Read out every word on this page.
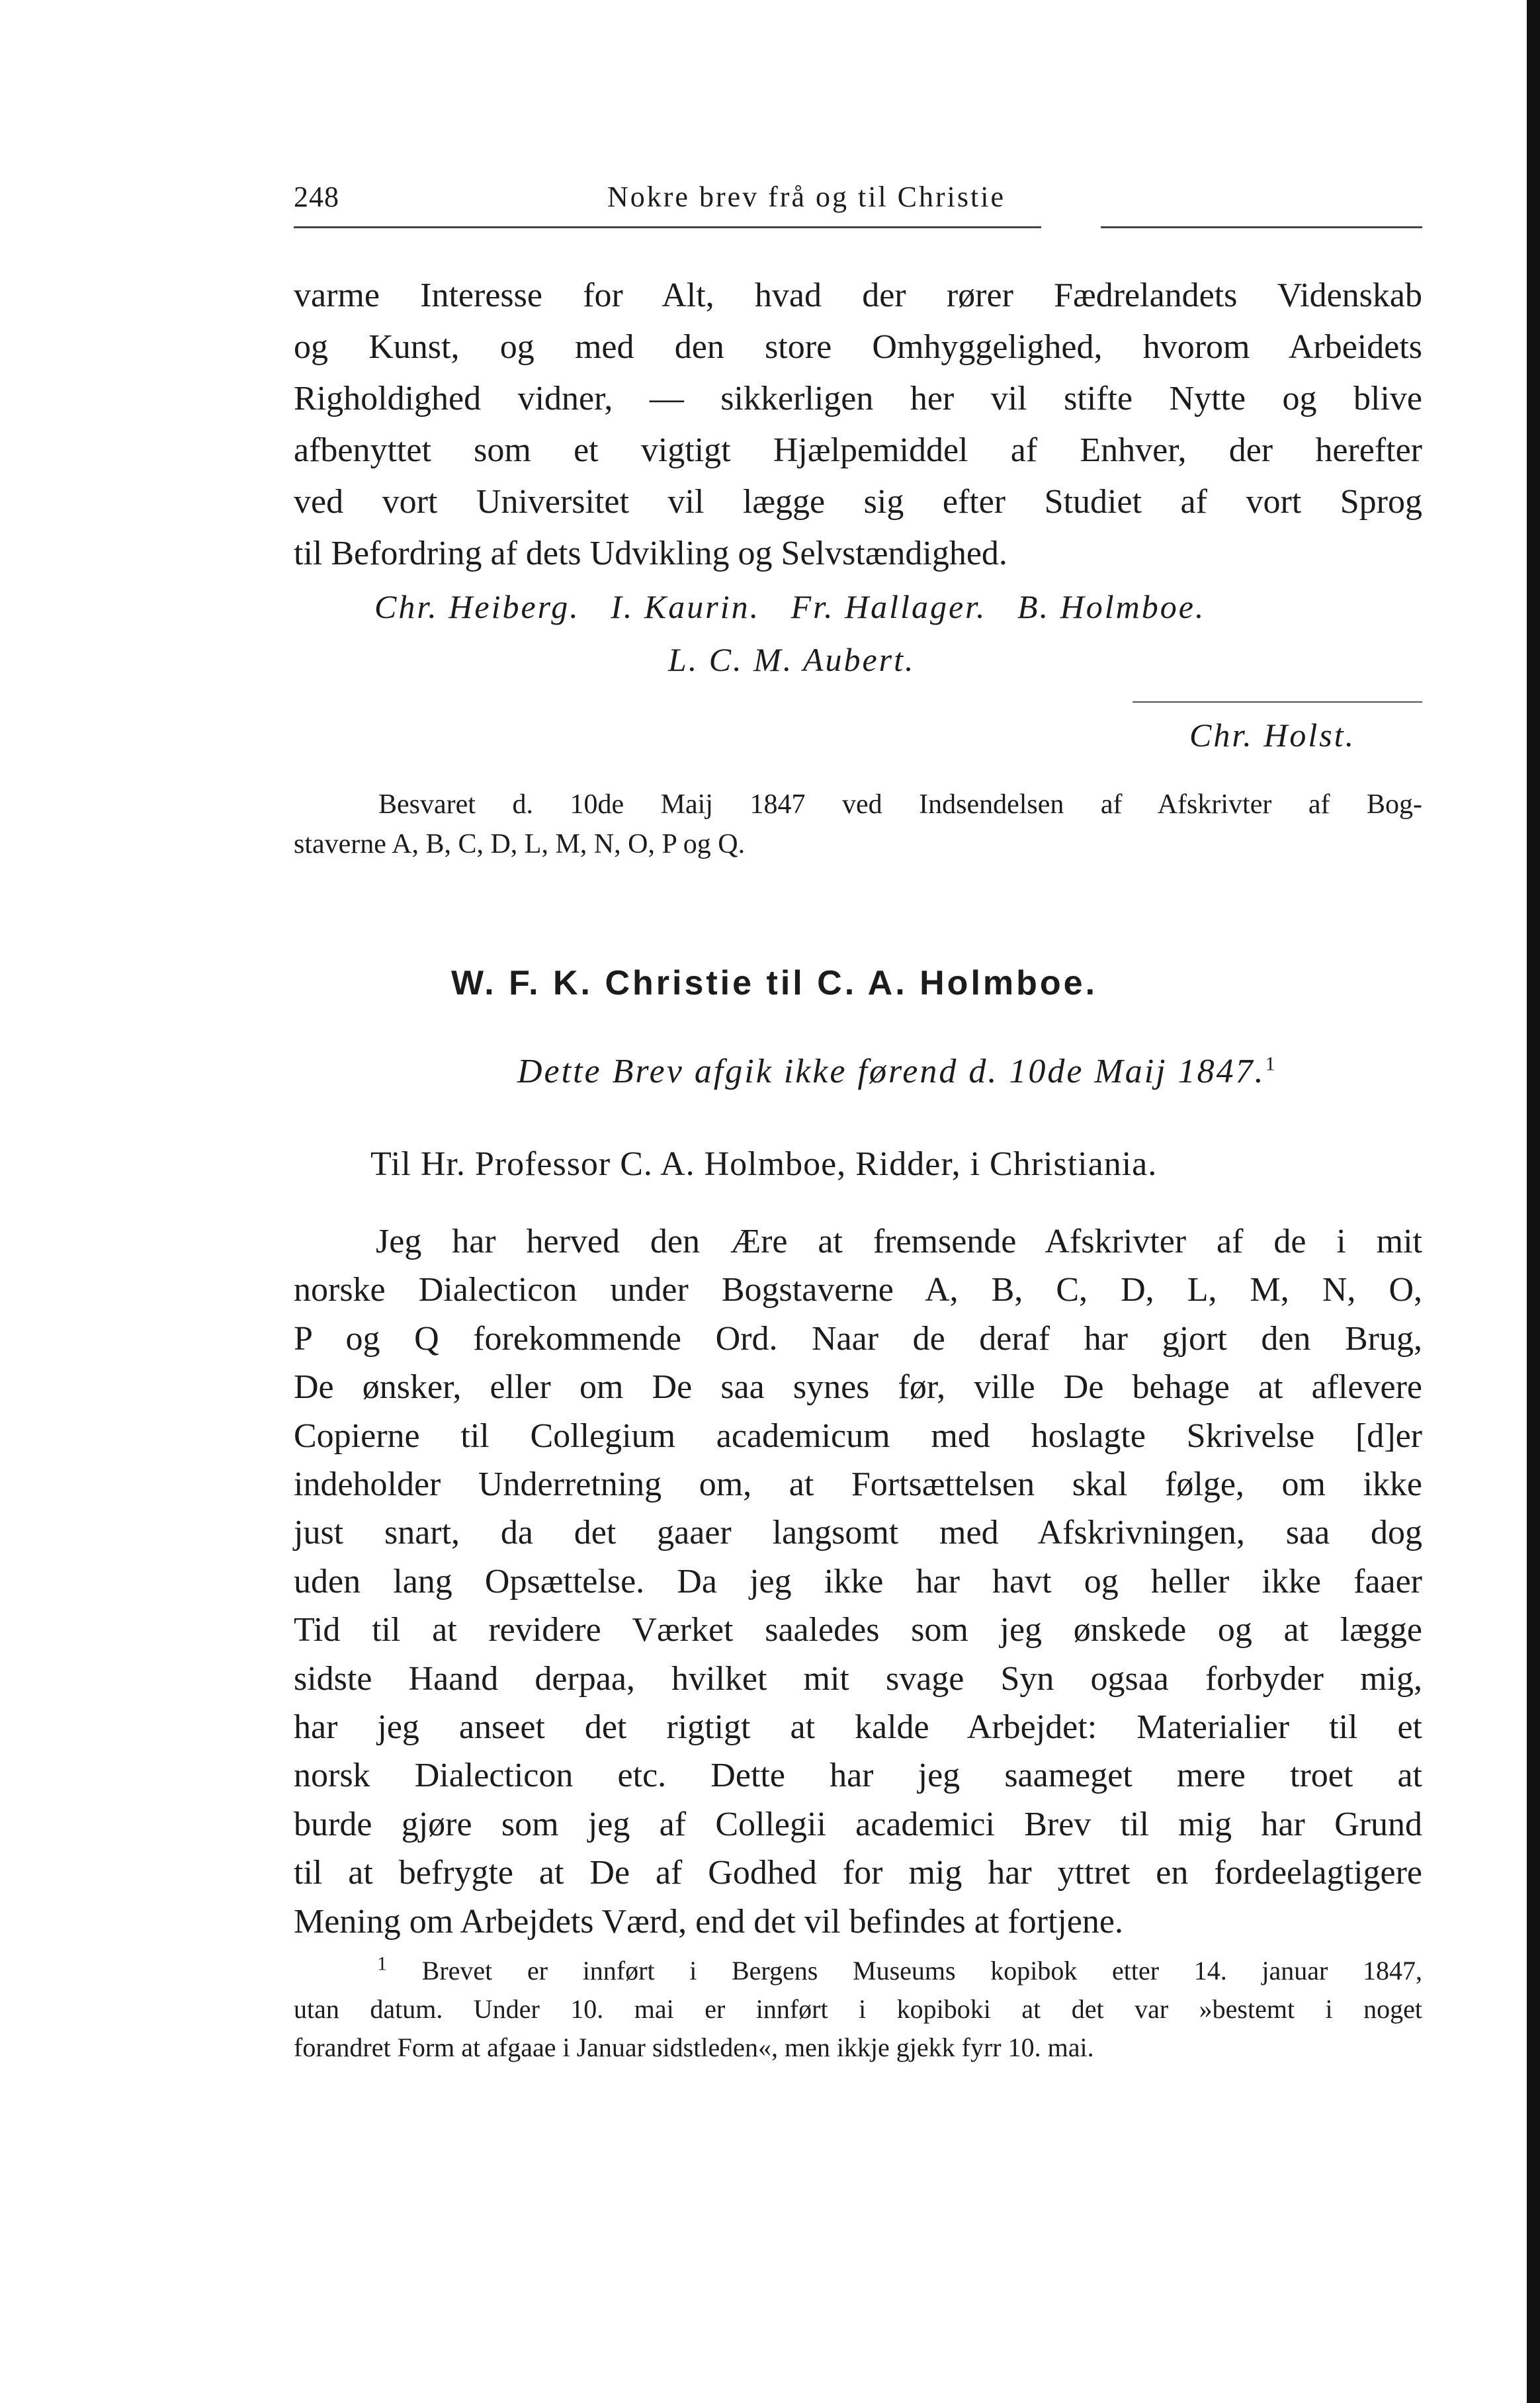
248	Nokre brev frå og til Christie
varme Interesse for Alt, hvad der rører Fædrelandets Videnskab
og Kunst, og med den store Omhyggelighed, hvorom Arbeidets
Righoldighed vidner, — sikkerligen her vil stifte Nytte og blive
afbenyttet som et vigtigt Hjælpemiddel af Enhver, der herefter
ved vort Universitet vil lægge sig efter Studiet af vort Sprog
til Befordring af dets Udvikling og Selvstændighed.
Chr. Heiberg.   I. Kaurin.   Fr. Hallager.   B. Holmboe.
L. C. M. Aubert.
Chr. Holst.
Besvaret d. 10de Maij 1847 ved Indsendelsen af Afskrivter af Bog-
staverne A, B, C, D, L, M, N, O, P og Q.
W. F. K. Christie til C. A. Holmboe.
Dette Brev afgik ikke førend d. 10de Maij 1847.$^1$
Til Hr. Professor C. A. Holmboe, Ridder, i Christiania.
Jeg har herved den Ære at fremsende Afskrivter af de i mit
norske Dialecticon under Bogstaverne A, B, C, D, L, M, N, O,
P og Q forekommende Ord. Naar de deraf har gjort den Brug,
De ønsker, eller om De saa synes før, ville De behage at aflevere
Copierne til Collegium academicum med hoslagte Skrivelse [d]er
indeholder Underretning om, at Fortsættelsen skal følge, om ikke
just snart, da det gaaer langsomt med Afskrivningen, saa dog
uden lang Opsættelse. Da jeg ikke har havt og heller ikke faaer
Tid til at revidere Værket saaledes som jeg ønskede og at lægge
sidste Haand derpaa, hvilket mit svage Syn ogsaa forbyder mig,
har jeg anseet det rigtigt at kalde Arbejdet: Materialier til et
norsk Dialecticon etc. Dette har jeg saameget mere troet at
burde gjøre som jeg af Collegii academici Brev til mig har Grund
til at befrygte at De af Godhed for mig har yttret en fordeelagtigere
Mening om Arbejdets Værd, end det vil befindes at fortjene.
$^1$ Brevet er innført i Bergens Museums kopibok etter 14. januar 1847,
utan datum. Under 10. mai er innført i kopiboki at det var »bestemt i noget
forandret Form at afgaae i Januar sidstleden«, men ikkje gjekk fyrr 10. mai.
